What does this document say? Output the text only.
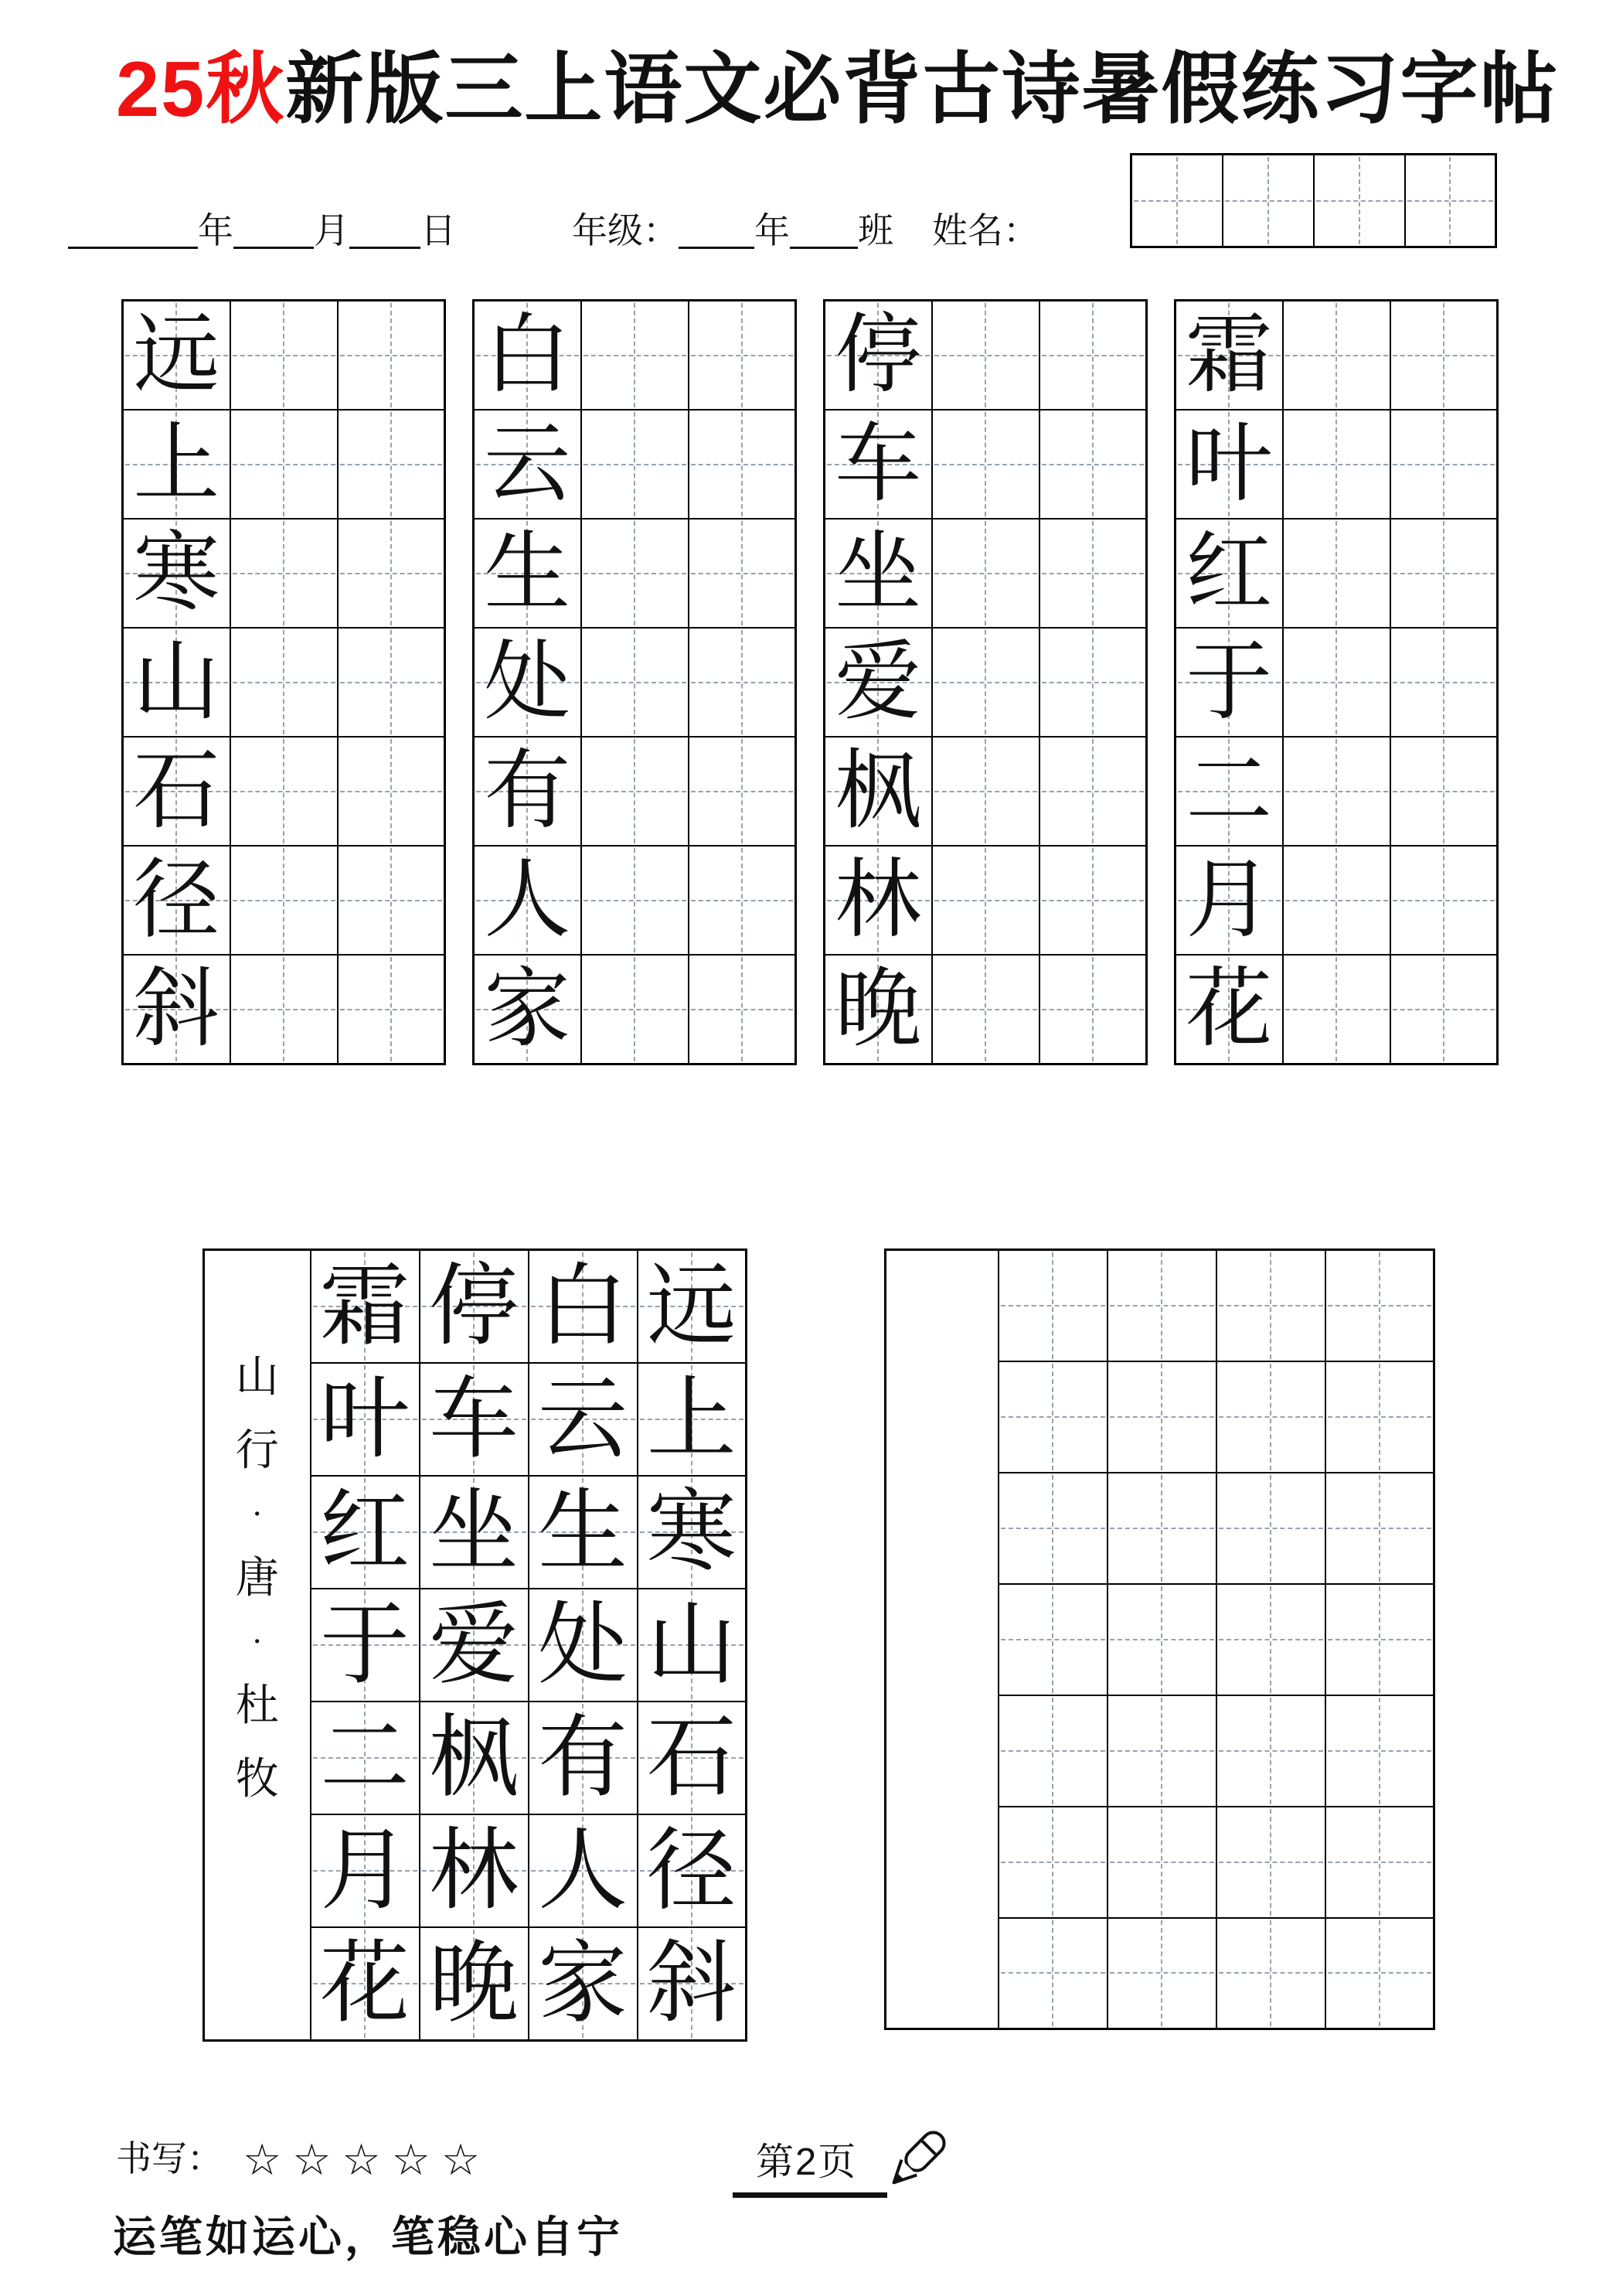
25秋新版三上语文必背古诗暑假练习字帖
年 月 日	年级： 年 班 姓名：

远		

上		

寒		

山		

石		

径		

斜		

白		

云		

生		

处		

有		

人		

家		

停		

车		

坐		

爱		

枫		

林		

晚		

霜		

叶		

红		

于		

二		

月		

花		

山
行
·
唐
·
杜
牧

霜	停	白	远

	叶	车	云	上

	红	坐	生	寒

	于	爱	处	山

	二	枫	有	石

	月	林	人	径

	花	晚	家	斜

书写： ☆☆☆☆☆	第2页
运笔如运心，笔稳心自宁
